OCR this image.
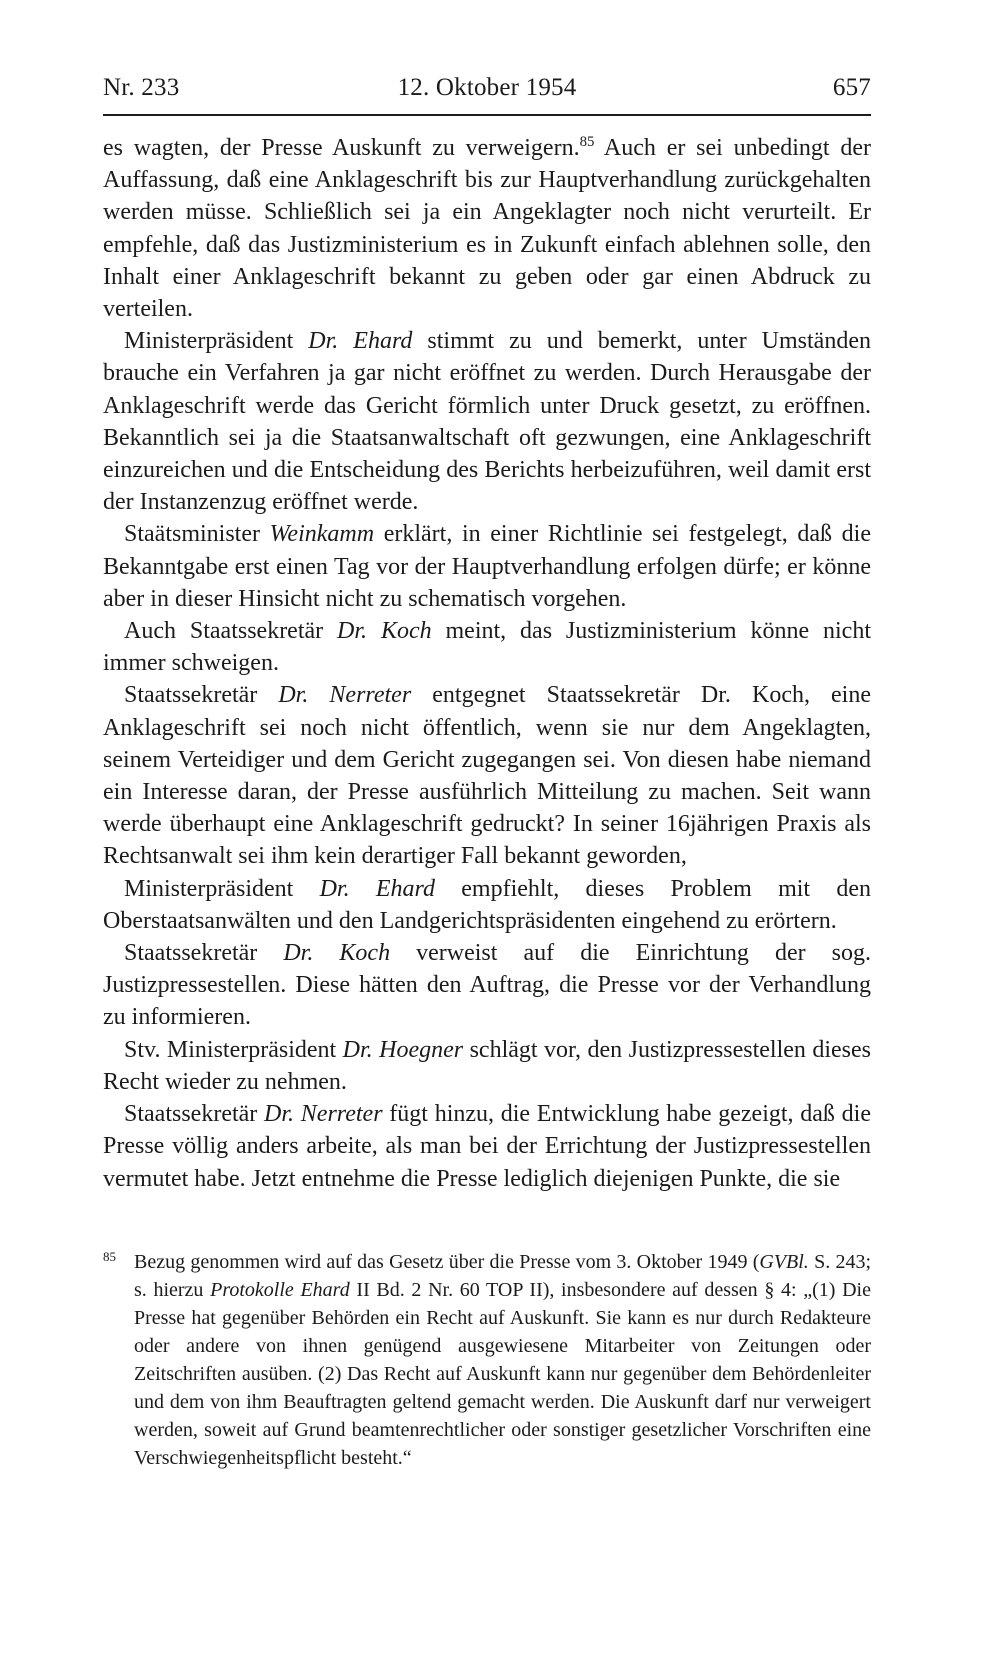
Nr. 233	12. Oktober 1954	657

es wagten, der Presse Auskunft zu verweigern.$^{85}$ Auch er sei unbedingt der Auffassung, daß eine Anklageschrift bis zur Hauptverhandlung zurückgehalten werden müsse. Schließlich sei ja ein Angeklagter noch nicht verurteilt. Er empfehle, daß das Justizministerium es in Zukunft einfach ablehnen solle, den Inhalt einer Anklageschrift bekannt zu geben oder gar einen Abdruck zu verteilen.

Ministerpräsident Dr. Ehard stimmt zu und bemerkt, unter Umständen brauche ein Verfahren ja gar nicht eröffnet zu werden. Durch Herausgabe der Anklageschrift werde das Gericht förmlich unter Druck gesetzt, zu eröffnen. Bekanntlich sei ja die Staatsanwaltschaft oft gezwungen, eine Anklageschrift einzureichen und die Entscheidung des Berichts herbeizuführen, weil damit erst der Instanzenzug eröffnet werde.

Staätsminister Weinkamm erklärt, in einer Richtlinie sei festgelegt, daß die Bekanntgabe erst einen Tag vor der Hauptverhandlung erfolgen dürfe; er könne aber in dieser Hinsicht nicht zu schematisch vorgehen.

Auch Staatssekretär Dr. Koch meint, das Justizministerium könne nicht immer schweigen.

Staatssekretär Dr. Nerreter entgegnet Staatssekretär Dr. Koch, eine Anklageschrift sei noch nicht öffentlich, wenn sie nur dem Angeklagten, seinem Verteidiger und dem Gericht zugegangen sei. Von diesen habe niemand ein Interesse daran, der Presse ausführlich Mitteilung zu machen. Seit wann werde überhaupt eine Anklageschrift gedruckt? In seiner 16jährigen Praxis als Rechtsanwalt sei ihm kein derartiger Fall bekannt geworden,

Ministerpräsident Dr. Ehard empfiehlt, dieses Problem mit den Oberstaatsanwälten und den Landgerichtspräsidenten eingehend zu erörtern.

Staatssekretär Dr. Koch verweist auf die Einrichtung der sog. Justizpressestellen. Diese hätten den Auftrag, die Presse vor der Verhandlung zu informieren.

Stv. Ministerpräsident Dr. Hoegner schlägt vor, den Justizpressestellen dieses Recht wieder zu nehmen.

Staatssekretär Dr. Nerreter fügt hinzu, die Entwicklung habe gezeigt, daß die Presse völlig anders arbeite, als man bei der Errichtung der Justizpressestellen vermutet habe. Jetzt entnehme die Presse lediglich diejenigen Punkte, die sie

$^{85}$ Bezug genommen wird auf das Gesetz über die Presse vom 3. Oktober 1949 (GVBl. S. 243; s. hierzu Protokolle Ehard II Bd. 2 Nr. 60 TOP II), insbesondere auf dessen § 4: „(1) Die Presse hat gegenüber Behörden ein Recht auf Auskunft. Sie kann es nur durch Redakteure oder andere von ihnen genügend ausgewiesene Mitarbeiter von Zeitungen oder Zeitschriften ausüben. (2) Das Recht auf Auskunft kann nur gegenüber dem Behördenleiter und dem von ihm Beauftragten geltend gemacht werden. Die Auskunft darf nur verweigert werden, soweit auf Grund beamtenrechtlicher oder sonstiger gesetzlicher Vorschriften eine Verschwiegenheitspflicht besteht.“
